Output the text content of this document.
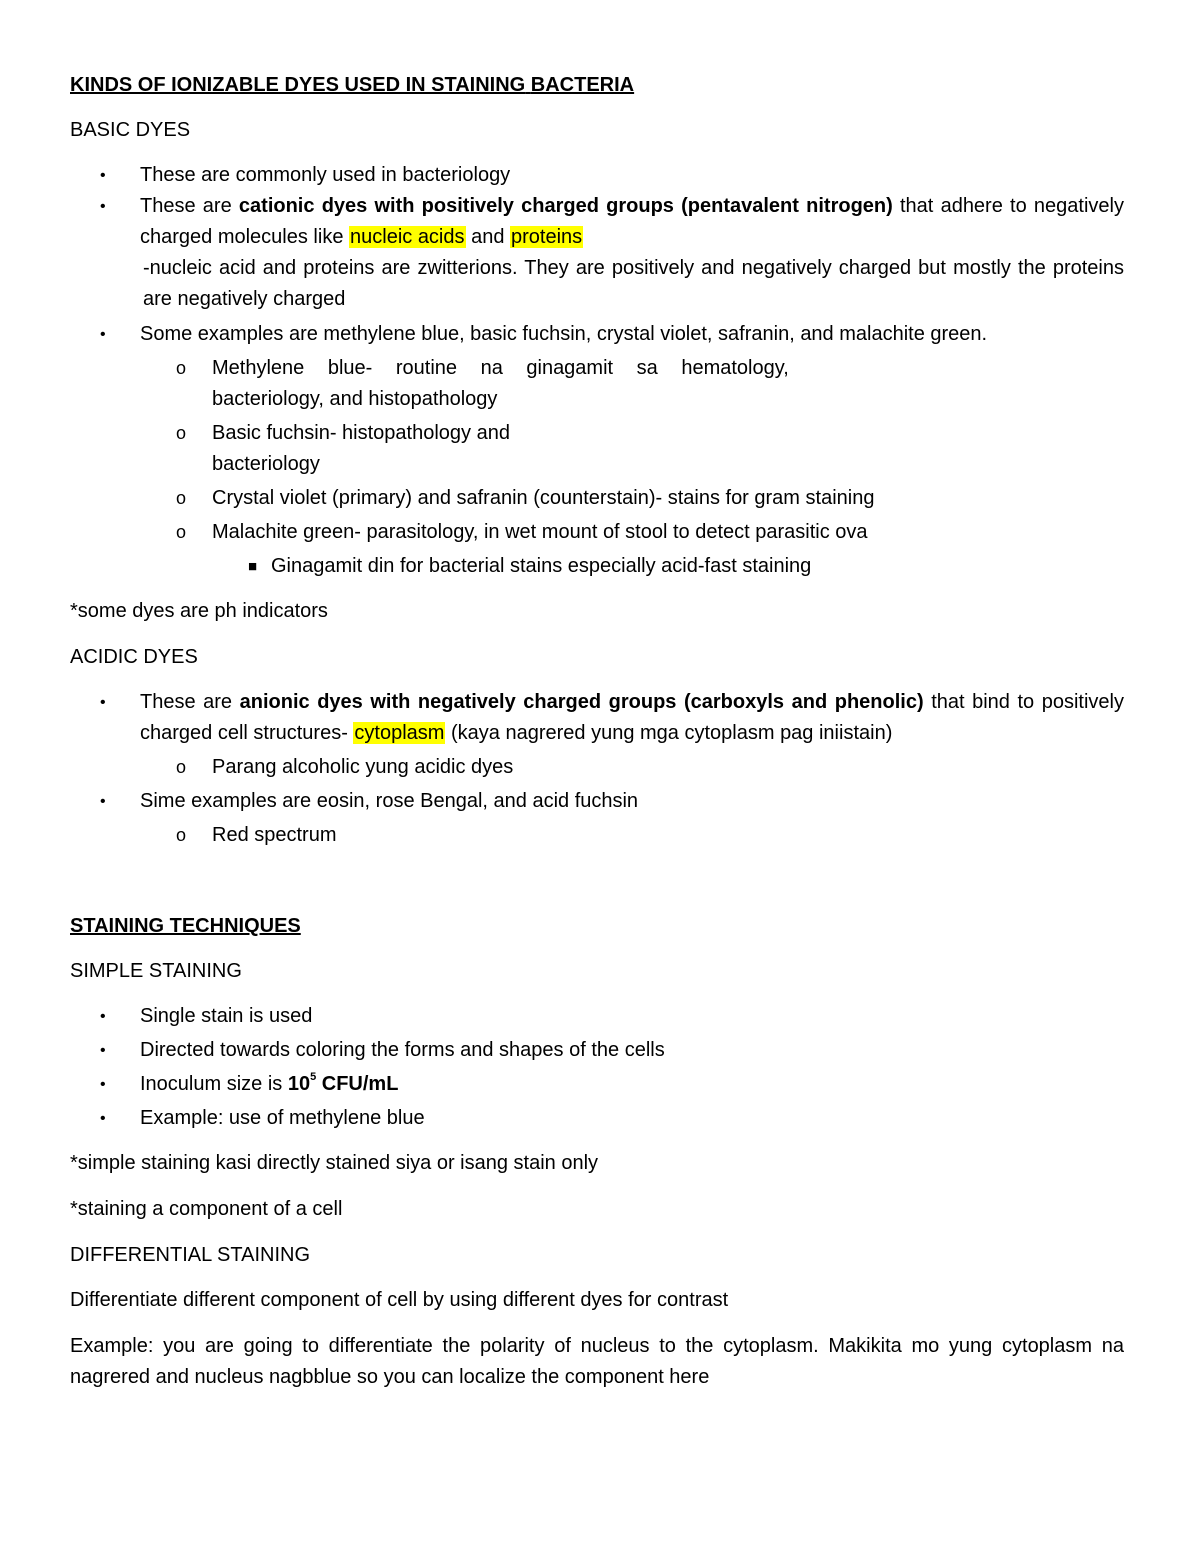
KINDS OF IONIZABLE DYES USED IN STAINING BACTERIA
BASIC DYES
• These are commonly used in bacteriology
• These are cationic dyes with positively charged groups (pentavalent nitrogen) that adhere to negatively charged molecules like nucleic acids and proteins
-nucleic acid and proteins are zwitterions. They are positively and negatively charged but mostly the proteins are negatively charged
• Some examples are methylene blue, basic fuchsin, crystal violet, safranin, and malachite green.
o Methylene blue- routine na ginagamit sa hematology,
bacteriology, and histopathology
o Basic fuchsin- histopathology and
bacteriology
o Crystal violet (primary) and safranin (counterstain)- stains for gram staining
o Malachite green- parasitology, in wet mount of stool to detect parasitic ova
■ Ginagamit din for bacterial stains especially acid-fast staining

*some dyes are ph indicators

ACIDIC DYES
• These are anionic dyes with negatively charged groups (carboxyls and phenolic) that bind to positively charged cell structures- cytoplasm (kaya nagrered yung mga cytoplasm pag iniistain)
o Parang alcoholic yung acidic dyes
• Sime examples are eosin, rose Bengal, and acid fuchsin
o Red spectrum
STAINING TECHNIQUES
SIMPLE STAINING
• Single stain is used
• Directed towards coloring the forms and shapes of the cells
• Inoculum size is $10^5$ CFU/mL
• Example: use of methylene blue

*simple staining kasi directly stained siya or isang stain only

*staining a component of a cell

DIFFERENTIAL STAINING

Differentiate different component of cell by using different dyes for contrast

Example: you are going to differentiate the polarity of nucleus to the cytoplasm. Makikita mo yung cytoplasm na nagrered and nucleus nagbblue so you can localize the component here
